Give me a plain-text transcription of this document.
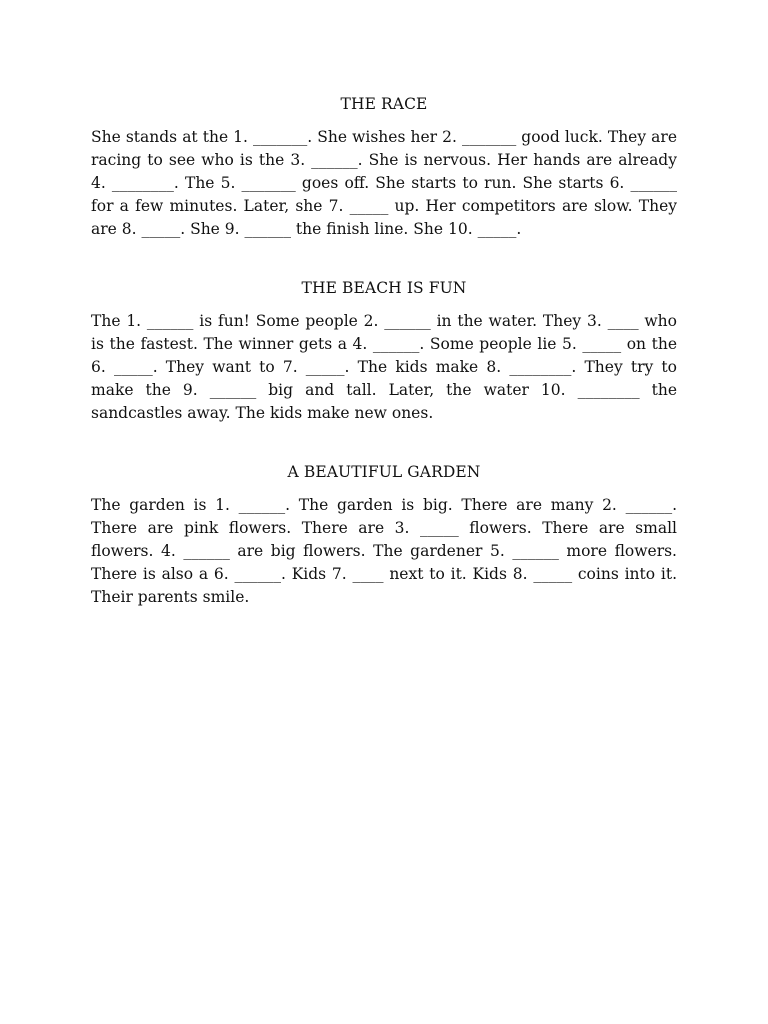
THE RACE

She stands at the 1. _______. She wishes her 2. _______ good luck. They are racing to see who is the 3. ______. She is nervous. Her hands are already 4. ________. The 5. _______ goes off. She starts to run. She starts 6. ______ for a few minutes. Later, she 7. _____ up. Her competitors are slow. They are 8. _____. She 9. ______ the finish line. She 10. _____.

THE BEACH IS FUN

The 1. ______ is fun! Some people 2. ______ in the water. They 3. ____ who is the fastest. The winner gets a 4. ______. Some people lie 5. _____ on the 6. _____. They want to 7. _____. The kids make 8. ________. They try to make the 9. ______ big and tall. Later, the water 10. ________ the sandcastles away. The kids make new ones.

A BEAUTIFUL GARDEN

The garden is 1. ______. The garden is big. There are many 2. ______. There are pink flowers. There are 3. _____ flowers. There are small flowers. 4. ______ are big flowers. The gardener 5. ______ more flowers. There is also a 6. ______. Kids 7. ____ next to it. Kids 8. _____ coins into it. Their parents smile.
